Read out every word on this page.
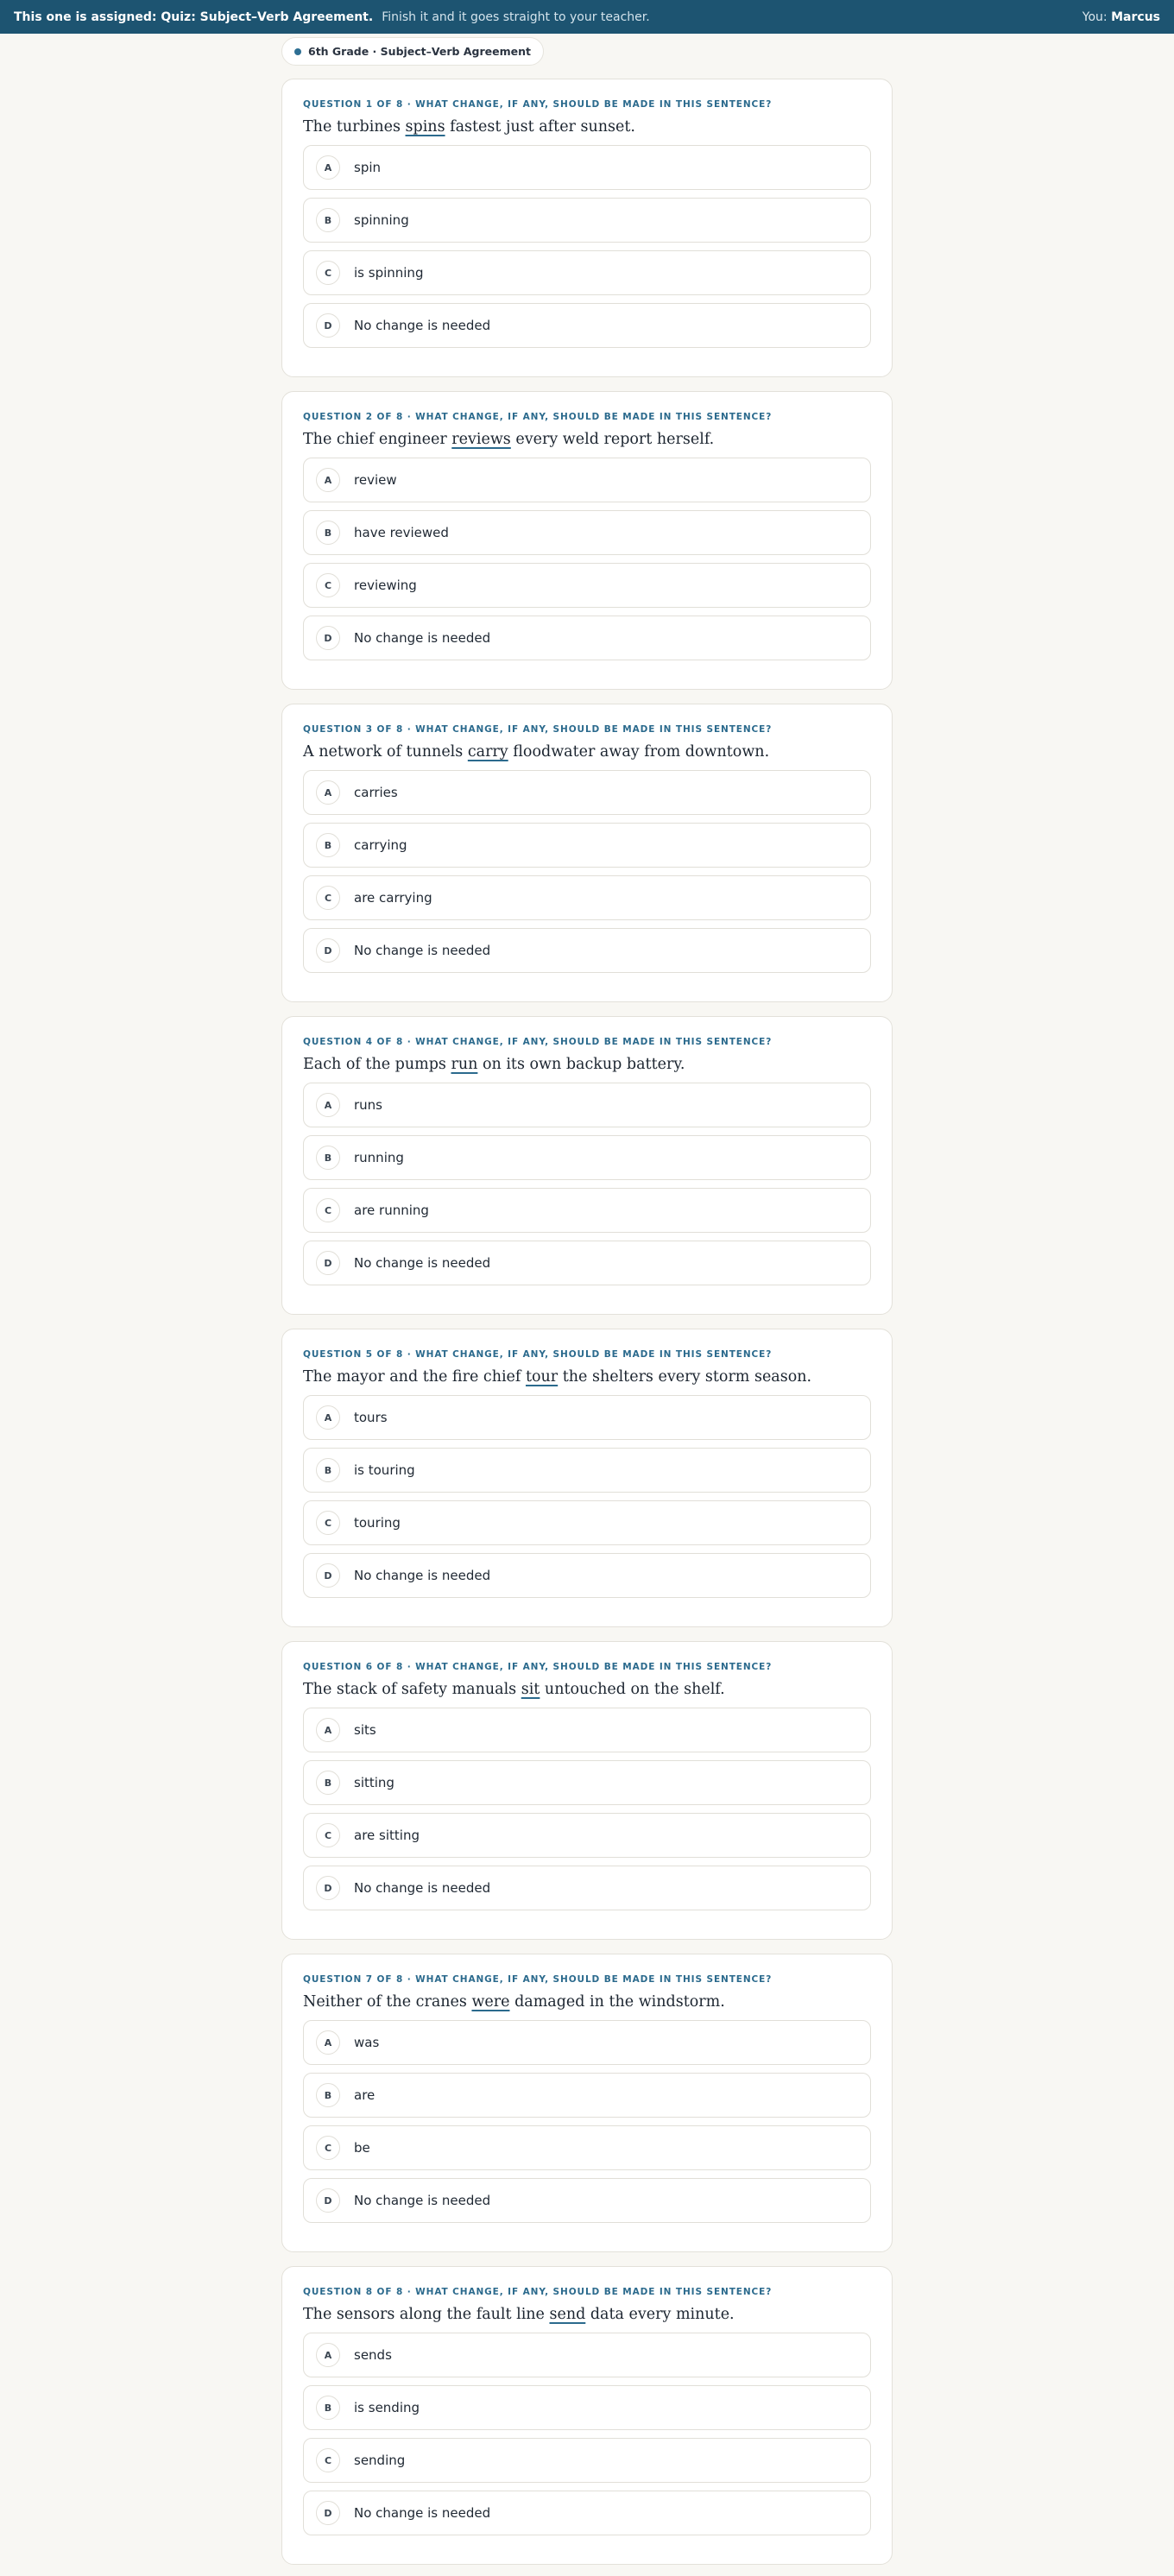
This one is assigned: Quiz: Subject–Verb Agreement. Finish it and it goes straight to your teacher.	You: Marcus
6th Grade · Subject–Verb Agreement
QUESTION 1 OF 8 · WHAT CHANGE, IF ANY, SHOULD BE MADE IN THIS SENTENCE?
The turbines spins fastest just after sunset.
A	spin
B	spinning
C	is spinning
D	No change is needed
QUESTION 2 OF 8 · WHAT CHANGE, IF ANY, SHOULD BE MADE IN THIS SENTENCE?
The chief engineer reviews every weld report herself.
A	review
B	have reviewed
C	reviewing
D	No change is needed
QUESTION 3 OF 8 · WHAT CHANGE, IF ANY, SHOULD BE MADE IN THIS SENTENCE?
A network of tunnels carry floodwater away from downtown.
A	carries
B	carrying
C	are carrying
D	No change is needed
QUESTION 4 OF 8 · WHAT CHANGE, IF ANY, SHOULD BE MADE IN THIS SENTENCE?
Each of the pumps run on its own backup battery.
A	runs
B	running
C	are running
D	No change is needed
QUESTION 5 OF 8 · WHAT CHANGE, IF ANY, SHOULD BE MADE IN THIS SENTENCE?
The mayor and the fire chief tour the shelters every storm season.
A	tours
B	is touring
C	touring
D	No change is needed
QUESTION 6 OF 8 · WHAT CHANGE, IF ANY, SHOULD BE MADE IN THIS SENTENCE?
The stack of safety manuals sit untouched on the shelf.
A	sits
B	sitting
C	are sitting
D	No change is needed
QUESTION 7 OF 8 · WHAT CHANGE, IF ANY, SHOULD BE MADE IN THIS SENTENCE?
Neither of the cranes were damaged in the windstorm.
A	was
B	are
C	be
D	No change is needed
QUESTION 8 OF 8 · WHAT CHANGE, IF ANY, SHOULD BE MADE IN THIS SENTENCE?
The sensors along the fault line send data every minute.
A	sends
B	is sending
C	sending
D	No change is needed
